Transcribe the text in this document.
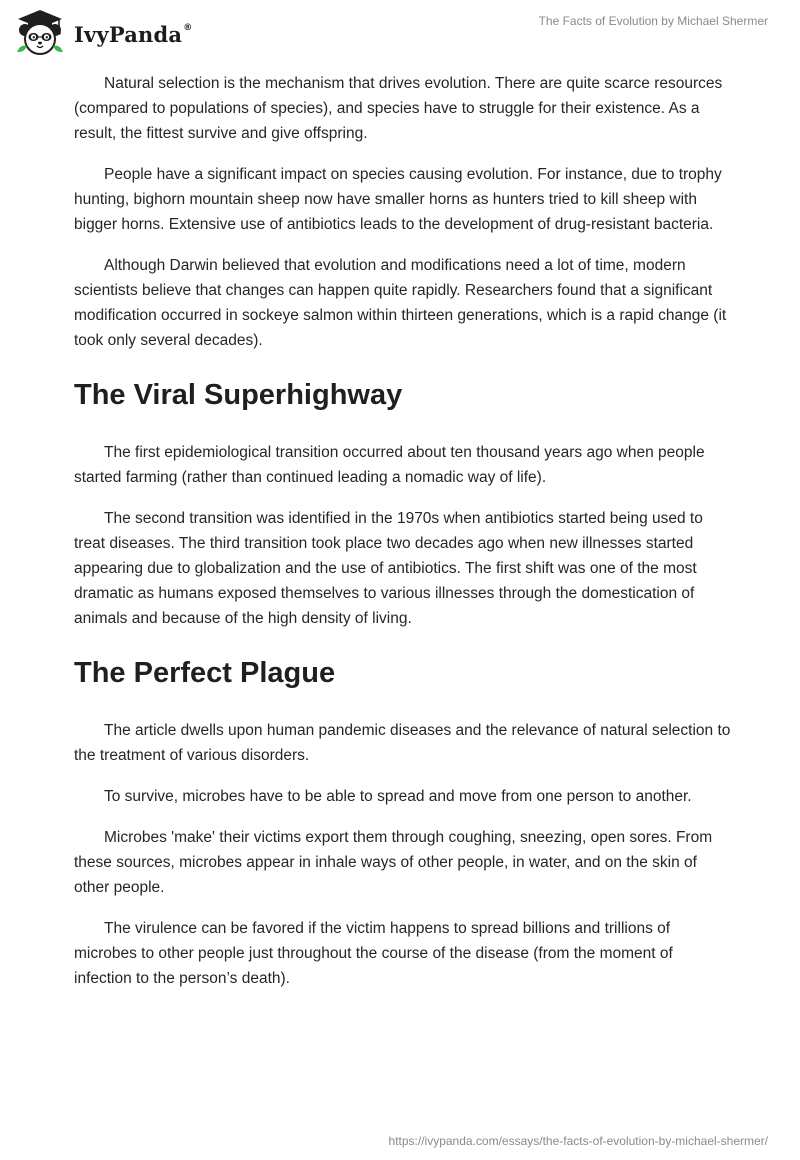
IvyPanda®	The Facts of Evolution by Michael Shermer

Natural selection is the mechanism that drives evolution. There are quite scarce resources (compared to populations of species), and species have to struggle for their existence. As a result, the fittest survive and give offspring.

People have a significant impact on species causing evolution. For instance, due to trophy hunting, bighorn mountain sheep now have smaller horns as hunters tried to kill sheep with bigger horns. Extensive use of antibiotics leads to the development of drug-resistant bacteria.

Although Darwin believed that evolution and modifications need a lot of time, modern scientists believe that changes can happen quite rapidly. Researchers found that a significant modification occurred in sockeye salmon within thirteen generations, which is a rapid change (it took only several decades).

The Viral Superhighway

The first epidemiological transition occurred about ten thousand years ago when people started farming (rather than continued leading a nomadic way of life).

The second transition was identified in the 1970s when antibiotics started being used to treat diseases. The third transition took place two decades ago when new illnesses started appearing due to globalization and the use of antibiotics. The first shift was one of the most dramatic as humans exposed themselves to various illnesses through the domestication of animals and because of the high density of living.

The Perfect Plague

The article dwells upon human pandemic diseases and the relevance of natural selection to the treatment of various disorders.

To survive, microbes have to be able to spread and move from one person to another.

Microbes 'make' their victims export them through coughing, sneezing, open sores. From these sources, microbes appear in inhale ways of other people, in water, and on the skin of other people.

The virulence can be favored if the victim happens to spread billions and trillions of microbes to other people just throughout the course of the disease (from the moment of infection to the person’s death).

https://ivypanda.com/essays/the-facts-of-evolution-by-michael-shermer/
